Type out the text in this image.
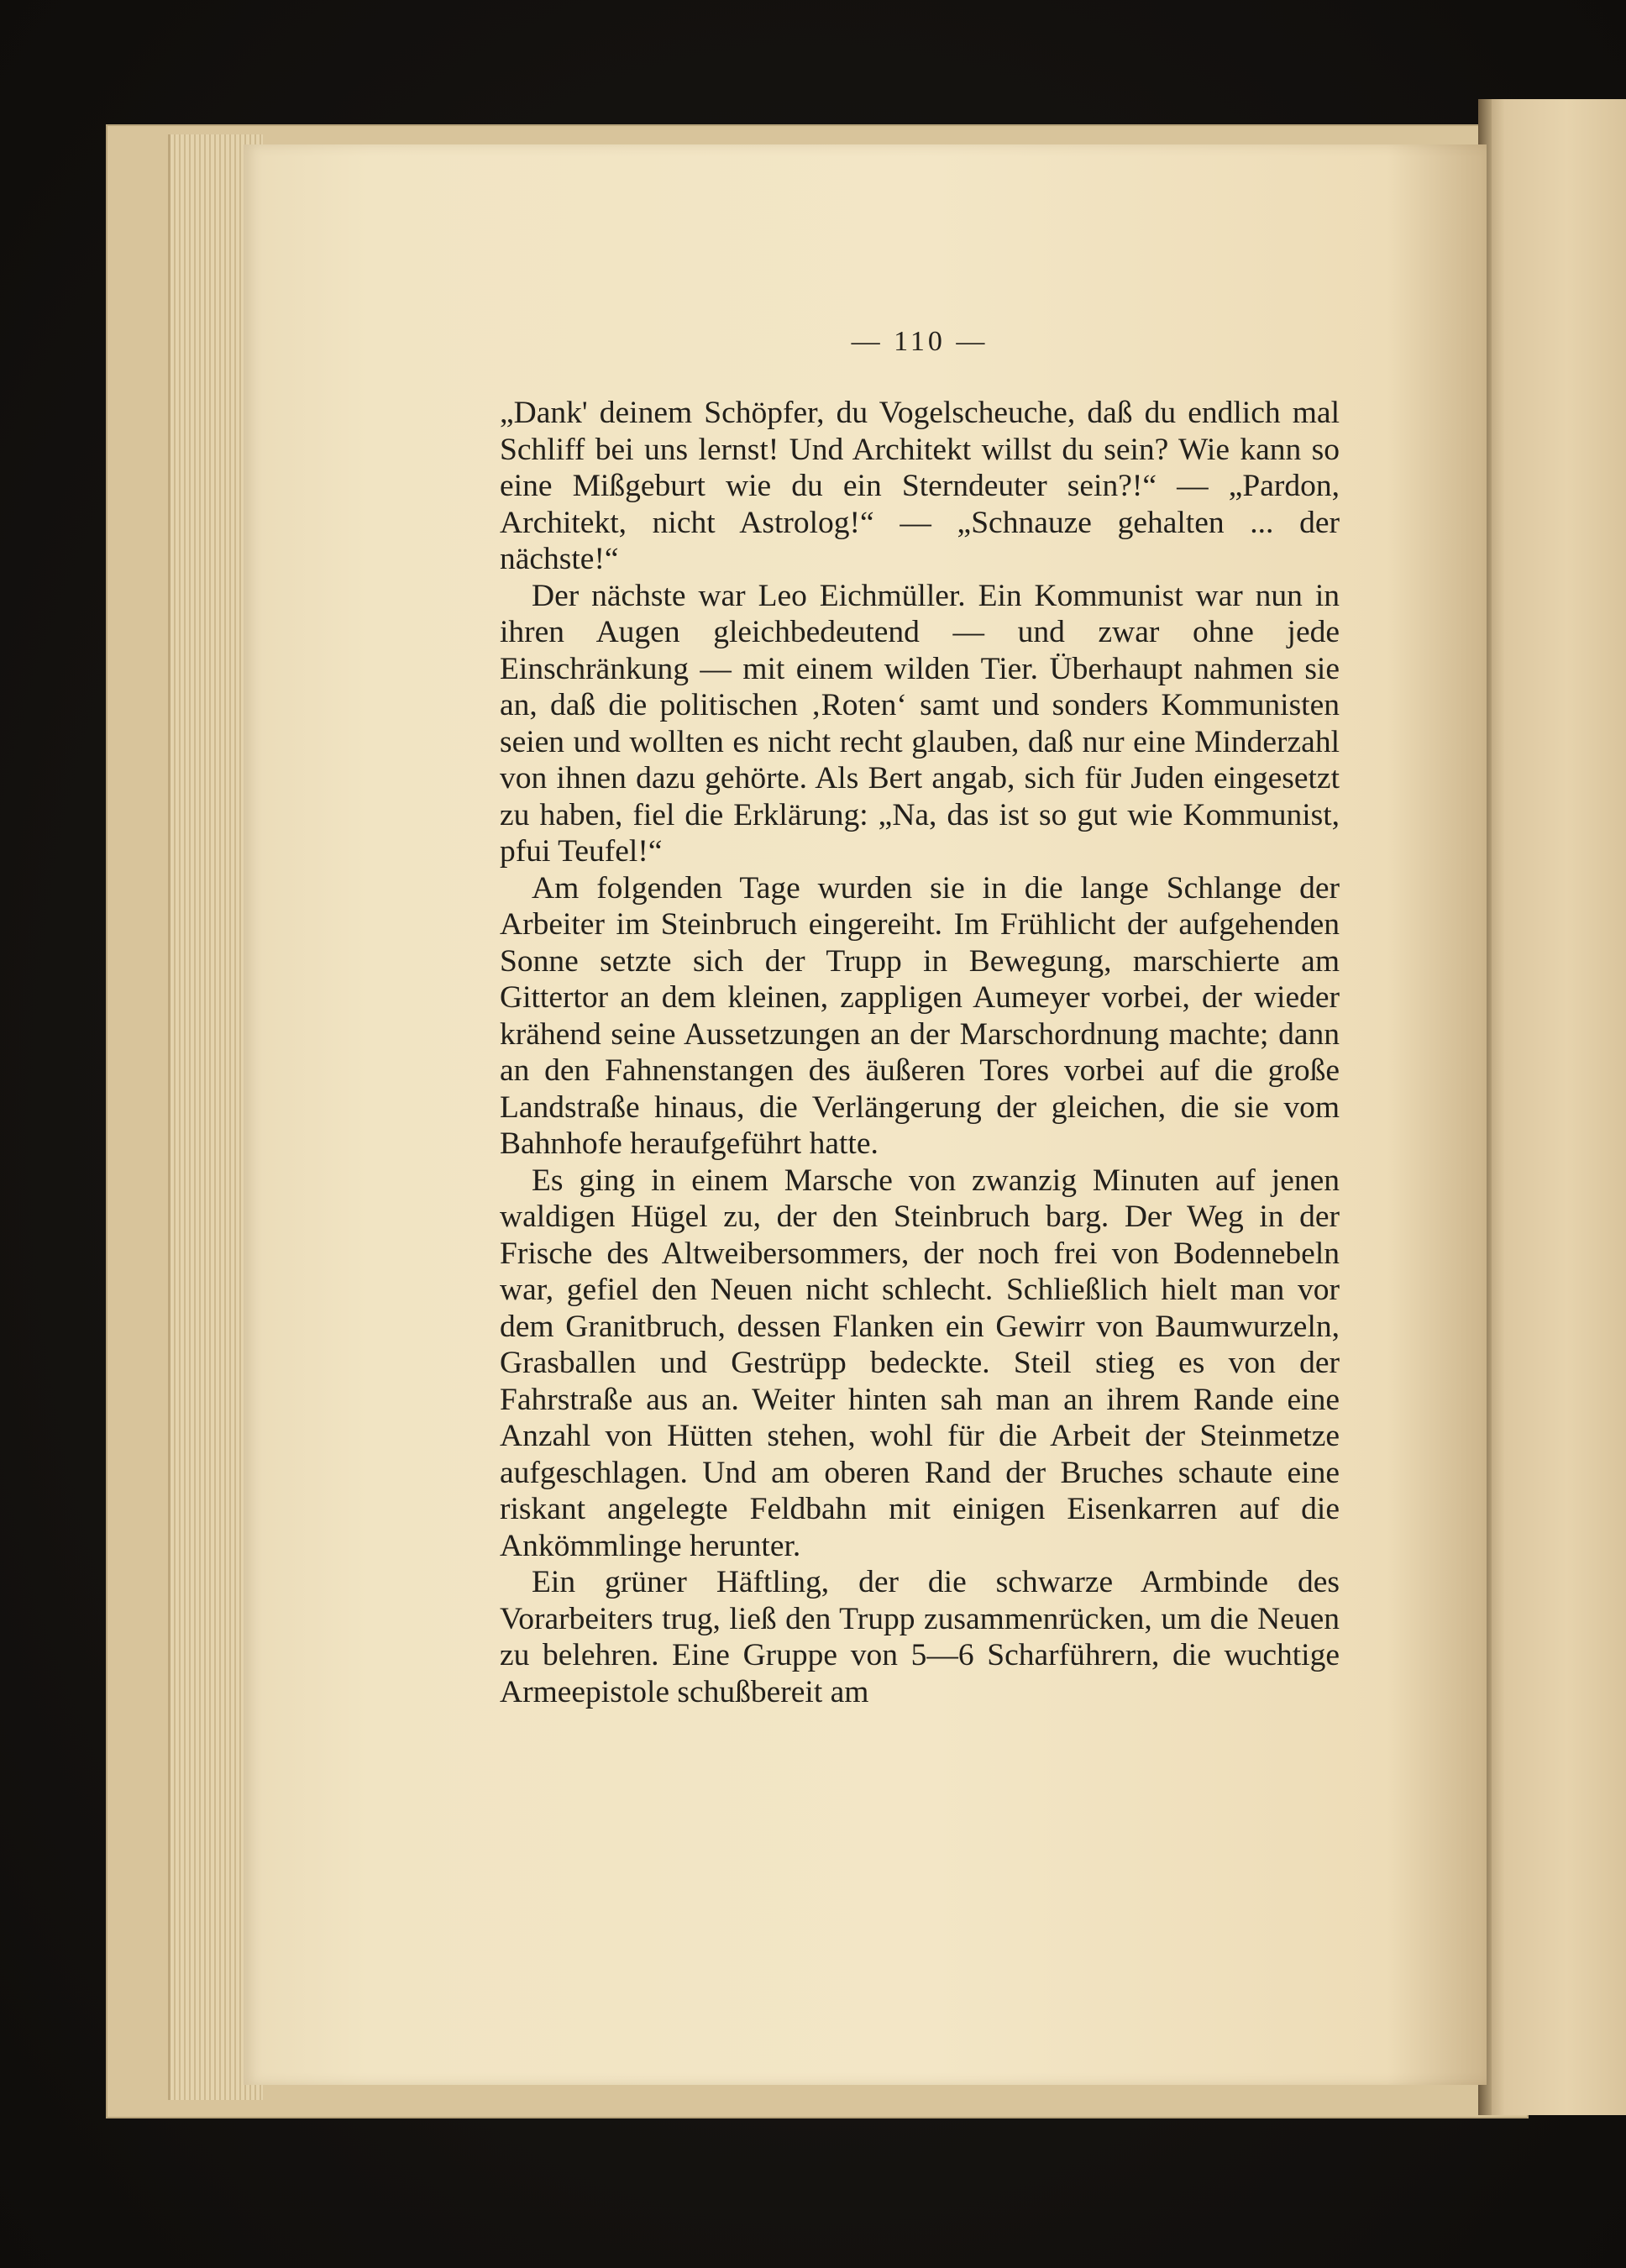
— 110 —

„Dank' deinem Schöpfer, du Vogelscheuche, daß du endlich mal Schliff bei uns lernst! Und Architekt willst du sein? Wie kann so eine Mißgeburt wie du ein Sterndeuter sein?!“ — „Pardon, Architekt, nicht Astrolog!“ — „Schnauze gehalten ... der nächste!“

Der nächste war Leo Eichmüller. Ein Kommunist war nun in ihren Augen gleichbedeutend — und zwar ohne jede Einschränkung — mit einem wilden Tier. Überhaupt nahmen sie an, daß die politischen ‚Roten‘ samt und sonders Kommunisten seien und wollten es nicht recht glauben, daß nur eine Minderzahl von ihnen dazu gehörte. Als Bert angab, sich für Juden eingesetzt zu haben, fiel die Erklärung: „Na, das ist so gut wie Kommunist, pfui Teufel!“

Am folgenden Tage wurden sie in die lange Schlange der Arbeiter im Steinbruch eingereiht. Im Frühlicht der aufgehenden Sonne setzte sich der Trupp in Bewegung, marschierte am Gittertor an dem kleinen, zappligen Aumeyer vorbei, der wieder krähend seine Aussetzungen an der Marschordnung machte; dann an den Fahnenstangen des äußeren Tores vorbei auf die große Landstraße hinaus, die Verlängerung der gleichen, die sie vom Bahnhofe heraufgeführt hatte.

Es ging in einem Marsche von zwanzig Minuten auf jenen waldigen Hügel zu, der den Steinbruch barg. Der Weg in der Frische des Altweibersommers, der noch frei von Bodennebeln war, gefiel den Neuen nicht schlecht. Schließlich hielt man vor dem Granitbruch, dessen Flanken ein Gewirr von Baumwurzeln, Grasballen und Gestrüpp bedeckte. Steil stieg es von der Fahrstraße aus an. Weiter hinten sah man an ihrem Rande eine Anzahl von Hütten stehen, wohl für die Arbeit der Steinmetze aufgeschlagen. Und am oberen Rand der Bruches schaute eine riskant angelegte Feldbahn mit einigen Eisenkarren auf die Ankömmlinge herunter.

Ein grüner Häftling, der die schwarze Armbinde des Vorarbeiters trug, ließ den Trupp zusammenrücken, um die Neuen zu belehren. Eine Gruppe von 5—6 Scharführern, die wuchtige Armeepistole schußbereit am
